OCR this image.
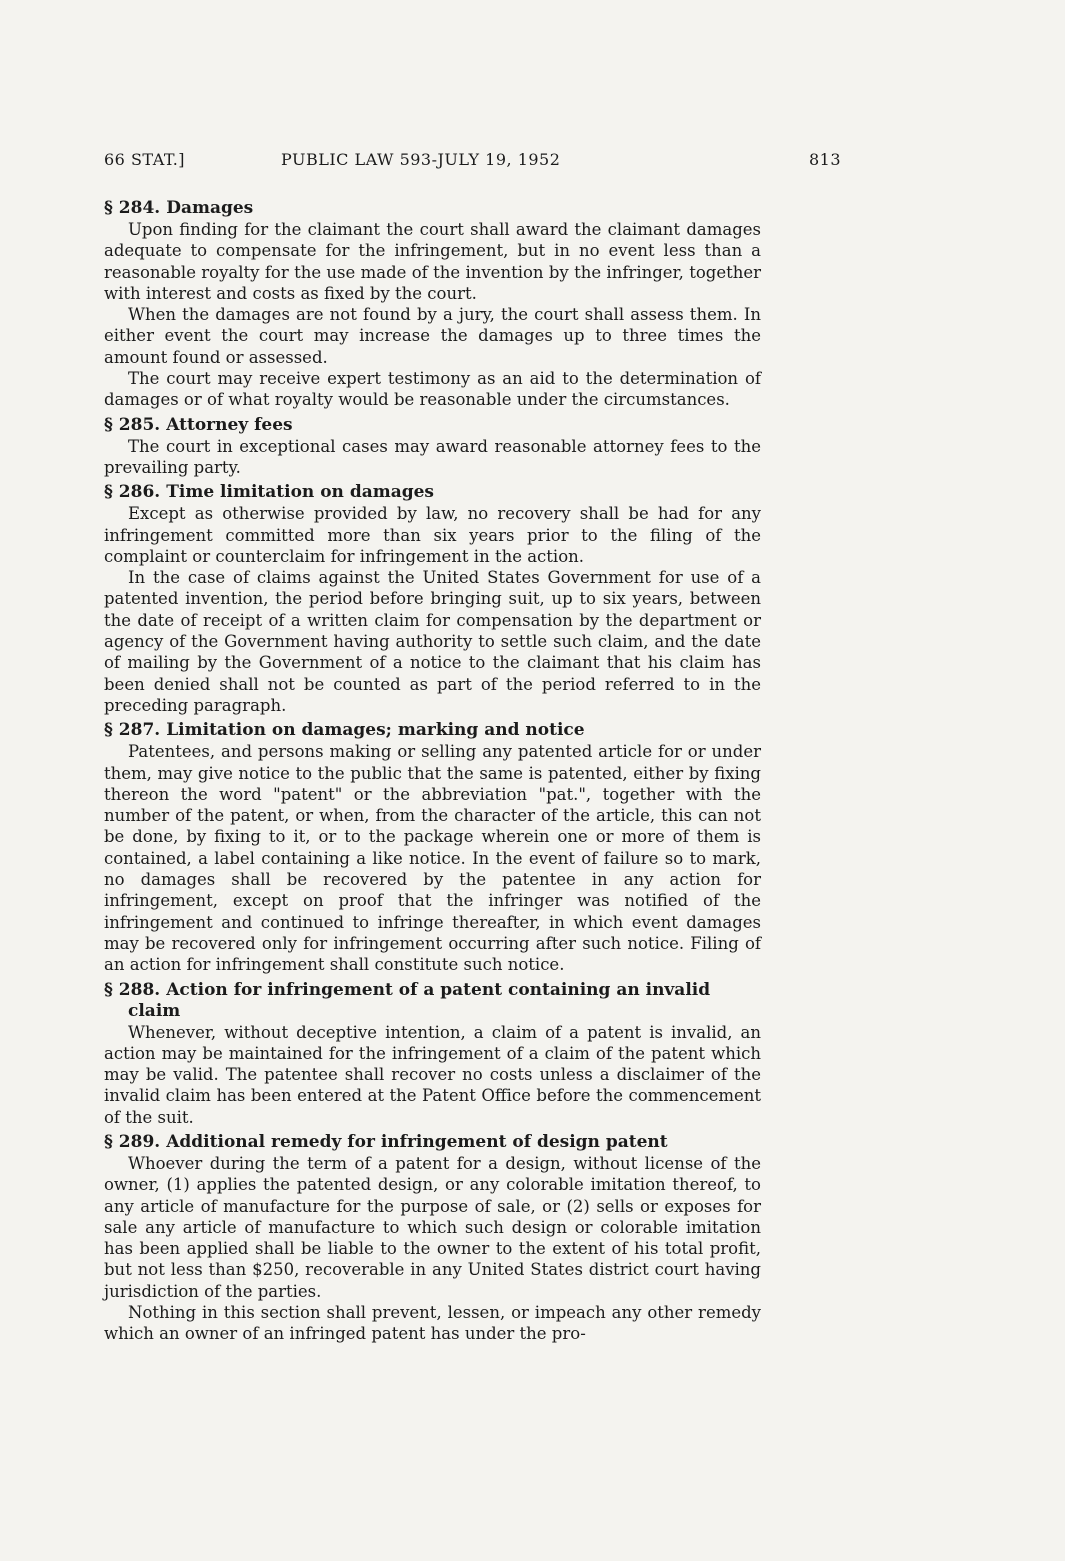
66 STAT.]	PUBLIC LAW 593-JULY 19, 1952	813
§ 284. Damages

Upon finding for the claimant the court shall award the claimant damages adequate to compensate for the infringement, but in no event less than a reasonable royalty for the use made of the invention by the infringer, together with interest and costs as fixed by the court.

When the damages are not found by a jury, the court shall assess them. In either event the court may increase the damages up to three times the amount found or assessed.

The court may receive expert testimony as an aid to the determination of damages or of what royalty would be reasonable under the circumstances.

§ 285. Attorney fees

The court in exceptional cases may award reasonable attorney fees to the prevailing party.

§ 286. Time limitation on damages

Except as otherwise provided by law, no recovery shall be had for any infringement committed more than six years prior to the filing of the complaint or counterclaim for infringement in the action.

In the case of claims against the United States Government for use of a patented invention, the period before bringing suit, up to six years, between the date of receipt of a written claim for compensation by the department or agency of the Government having authority to settle such claim, and the date of mailing by the Government of a notice to the claimant that his claim has been denied shall not be counted as part of the period referred to in the preceding paragraph.

§ 287. Limitation on damages; marking and notice

Patentees, and persons making or selling any patented article for or under them, may give notice to the public that the same is patented, either by fixing thereon the word "patent" or the abbreviation "pat.", together with the number of the patent, or when, from the character of the article, this can not be done, by fixing to it, or to the package wherein one or more of them is contained, a label containing a like notice. In the event of failure so to mark, no damages shall be recovered by the patentee in any action for infringement, except on proof that the infringer was notified of the infringement and continued to infringe thereafter, in which event damages may be recovered only for infringement occurring after such notice. Filing of an action for infringement shall constitute such notice.

§ 288. Action for infringement of a patent containing an invalid claim

Whenever, without deceptive intention, a claim of a patent is invalid, an action may be maintained for the infringement of a claim of the patent which may be valid. The patentee shall recover no costs unless a disclaimer of the invalid claim has been entered at the Patent Office before the commencement of the suit.

§ 289. Additional remedy for infringement of design patent

Whoever during the term of a patent for a design, without license of the owner, (1) applies the patented design, or any colorable imitation thereof, to any article of manufacture for the purpose of sale, or (2) sells or exposes for sale any article of manufacture to which such design or colorable imitation has been applied shall be liable to the owner to the extent of his total profit, but not less than $250, recoverable in any United States district court having jurisdiction of the parties.

Nothing in this section shall prevent, lessen, or impeach any other remedy which an owner of an infringed patent has under the pro-
